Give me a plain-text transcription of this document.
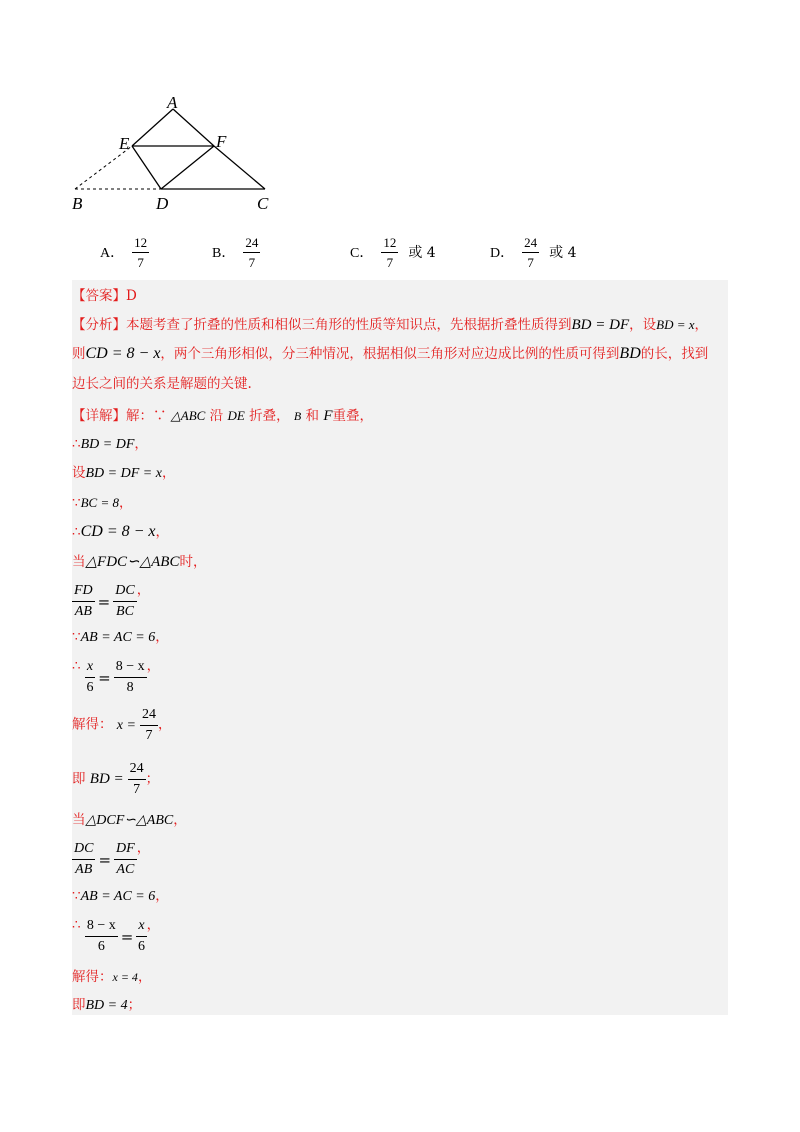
A
E	F
B	D	C
A． $\frac{12}{7}$	B． $\frac{24}{7}$	C． $\frac{12}{7}$ 或 4	D． $\frac{24}{7}$ 或 4
【答案】D
【分析】本题考查了折叠的性质和相似三角形的性质等知识点，先根据折叠性质得到BD = DF，设BD = x，
则CD = 8 − x，两个三角形相似，分三种情况，根据相似三角形对应边成比例的性质可得到BD的长，找到
边长之间的关系是解题的关键.
【详解】解：∵ △ABC 沿 DE 折叠， B 和 F重叠，
∴BD = DF，
设BD = DF = x，
∵BC = 8，
∴CD = 8 − x，
当△FDC∽△ABC时，
$\frac{FD}{AB} = \frac{DC}{BC}$ ，
∵AB = AC = 6，
∴ $\frac{x}{6} = \frac{8 - x}{8}$ ，
解得： $x = \frac{24}{7}$ ，
即 BD = $\frac{24}{7}$ ；
当△DCF∽△ABC，
$\frac{DC}{AB} = \frac{DF}{AC}$ ，
∵AB = AC = 6，
∴ $\frac{8 - x}{6} = \frac{x}{6}$ ，
解得：x = 4，
即BD = 4；
